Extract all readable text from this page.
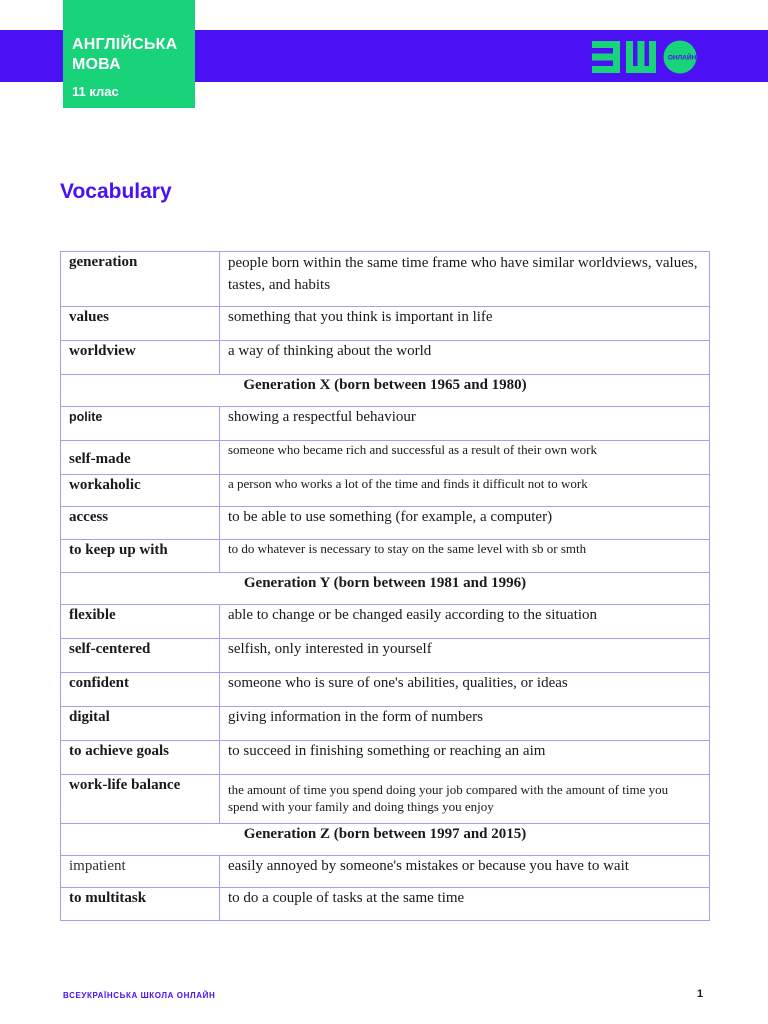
АНГЛІЙСЬКА
МОВА
11 клас
ОНЛАЙН
Vocabulary
generation	people born within the same time frame who have similar worldviews, values, tastes, and habits
values	something that you think is important in life
worldview	a way of thinking about the world
Generation X (born between 1965 and 1980)	
polite	showing a respectful behaviour
self-made	someone who became rich and successful as a result of their own work
workaholic	a person who works a lot of the time and finds it difficult not to work
access	to be able to use something (for example, a computer)
to keep up with	to do whatever is necessary to stay on the same level with sb or smth
Generation Y (born between 1981 and 1996)	
flexible	able to change or be changed easily according to the situation
self-centered	selfish, only interested in yourself
confident	someone who is sure of one's abilities, qualities, or ideas
digital	giving information in the form of numbers
to achieve goals	to succeed in finishing something or reaching an aim
work-life balance	the amount of time you spend doing your job compared with the amount of time you spend with your family and doing things you enjoy
Generation Z (born between 1997 and 2015)	
impatient	easily annoyed by someone's mistakes or because you have to wait
to multitask	to do a couple of tasks at the same time
ВСЕУКРАЇНСЬКА ШКОЛА ОНЛАЙН	1
